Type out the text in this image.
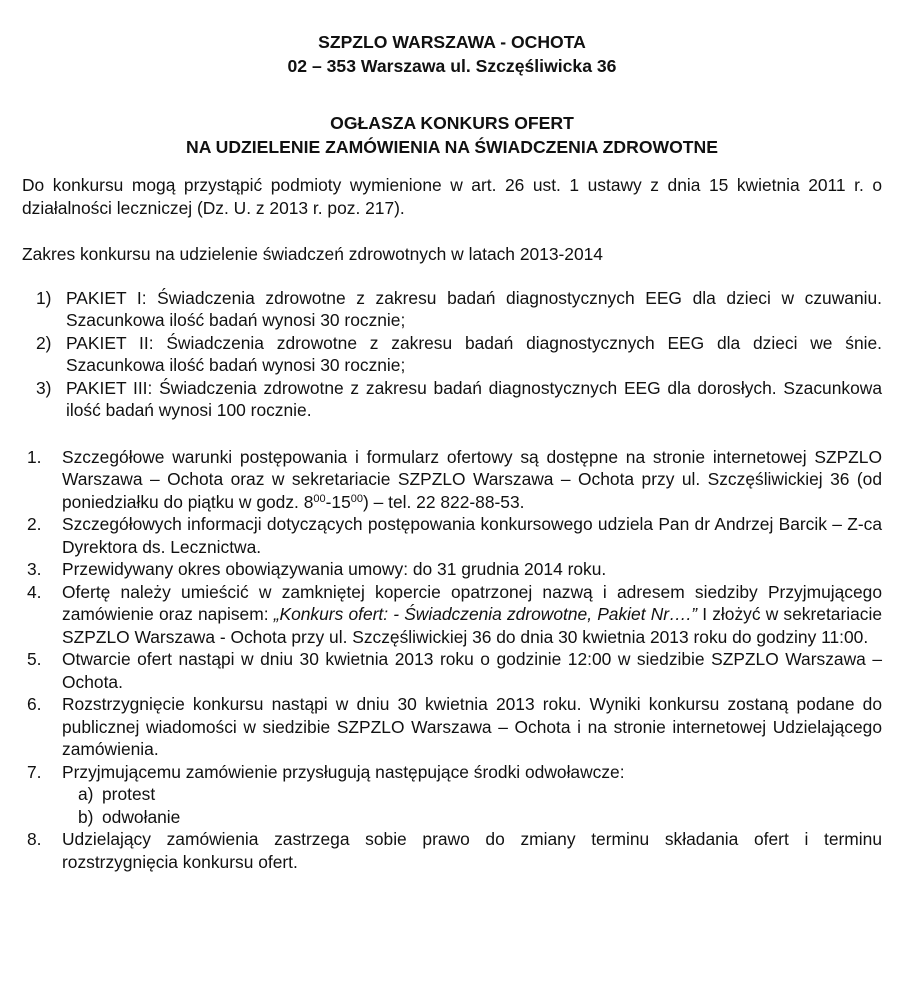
SZPZLO WARSZAWA - OCHOTA
02 – 353 Warszawa ul. Szczęśliwicka 36
OGŁASZA KONKURS OFERT
NA UDZIELENIE ZAMÓWIENIA NA ŚWIADCZENIA ZDROWOTNE

Do konkursu mogą przystąpić podmioty wymienione w art. 26 ust. 1 ustawy z dnia 15 kwietnia 2011 r. o działalności leczniczej (Dz. U. z 2013 r. poz. 217).

Zakres konkursu na udzielenie świadczeń zdrowotnych w latach 2013-2014

1) PAKIET I: Świadczenia zdrowotne z zakresu badań diagnostycznych EEG dla dzieci w czuwaniu. Szacunkowa ilość badań wynosi 30 rocznie;
2) PAKIET II: Świadczenia zdrowotne z zakresu badań diagnostycznych EEG dla dzieci we śnie. Szacunkowa ilość badań wynosi 30 rocznie;
3) PAKIET III: Świadczenia zdrowotne z zakresu badań diagnostycznych EEG dla dorosłych. Szacunkowa ilość badań wynosi 100 rocznie.
1. Szczegółowe warunki postępowania i formularz ofertowy są dostępne na stronie internetowej SZPZLO Warszawa – Ochota oraz w sekretariacie SZPZLO Warszawa – Ochota przy ul. Szczęśliwickiej 36 (od poniedziałku do piątku w godz. $8^{00}-15^{00}$) – tel. 22 822-88-53.
2. Szczegółowych informacji dotyczących postępowania konkursowego udziela Pan dr Andrzej Barcik – Z-ca Dyrektora ds. Lecznictwa.
3. Przewidywany okres obowiązywania umowy: do 31 grudnia 2014 roku.
4. Ofertę należy umieścić w zamkniętej kopercie opatrzonej nazwą i adresem siedziby Przyjmującego zamówienie oraz napisem: „Konkurs ofert: - Świadczenia zdrowotne, Pakiet Nr….” I złożyć w sekretariacie SZPZLO Warszawa - Ochota przy ul. Szczęśliwickiej 36 do dnia 30 kwietnia 2013 roku do godziny 11:00.
5. Otwarcie ofert nastąpi w dniu 30 kwietnia 2013 roku o godzinie 12:00 w siedzibie SZPZLO Warszawa – Ochota.
6. Rozstrzygnięcie konkursu nastąpi w dniu 30 kwietnia 2013 roku. Wyniki konkursu zostaną podane do publicznej wiadomości w siedzibie SZPZLO Warszawa – Ochota i na stronie internetowej Udzielającego zamówienia.
7. Przyjmującemu zamówienie przysługują następujące środki odwoławcze:
a) protest
b) odwołanie
8. Udzielający zamówienia zastrzega sobie prawo do zmiany terminu składania ofert i terminu rozstrzygnięcia konkursu ofert.
